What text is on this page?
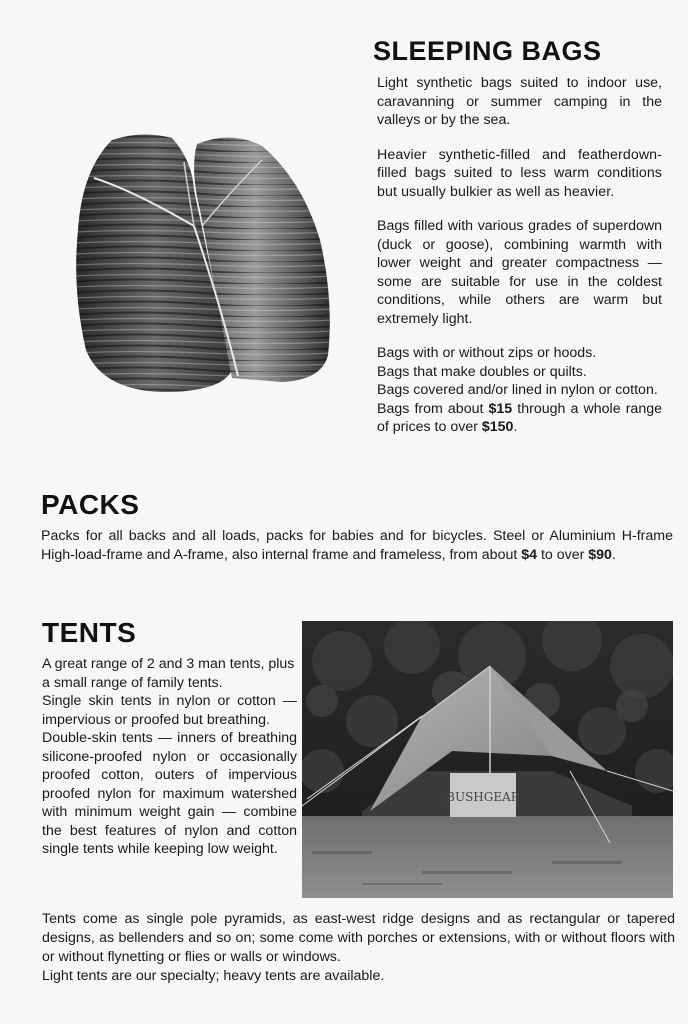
SLEEPING BAGS

Light synthetic bags suited to indoor use, caravanning or summer camping in the valleys or by the sea.

Heavier synthetic-filled and featherdown-filled bags suited to less warm conditions but usually bulkier as well as heavier.

Bags filled with various grades of superdown (duck or goose), combining warmth with lower weight and greater compactness — some are suitable for use in the coldest conditions, while others are warm but extremely light.

Bags with or without zips or hoods.

Bags that make doubles or quilts.

Bags covered and/or lined in nylon or cotton.

Bags from about $15 through a whole range of prices to over $150.

PACKS

Packs for all backs and all loads, packs for babies and for bicycles. Steel or Aluminium H-frame High-load-frame and A-frame, also internal frame and frameless, from about $4 to over $90.

TENTS

A great range of 2 and 3 man tents, plus a small range of family tents.

Single skin tents in nylon or cotton — impervious or proofed but breathing.

Double-skin tents — inners of breathing silicone-proofed nylon or occasionally proofed cotton, outers of impervious proofed nylon for maximum watershed with minimum weight gain — combine the best features of nylon and cotton single tents while keeping low weight.

BUSHGEAR

Tents come as single pole pyramids, as east-west ridge designs and as rectangular or tapered designs, as bellenders and so on; some come with porches or extensions, with or without floors with or without flynetting or flies or walls or windows.

Light tents are our specialty; heavy tents are available.
